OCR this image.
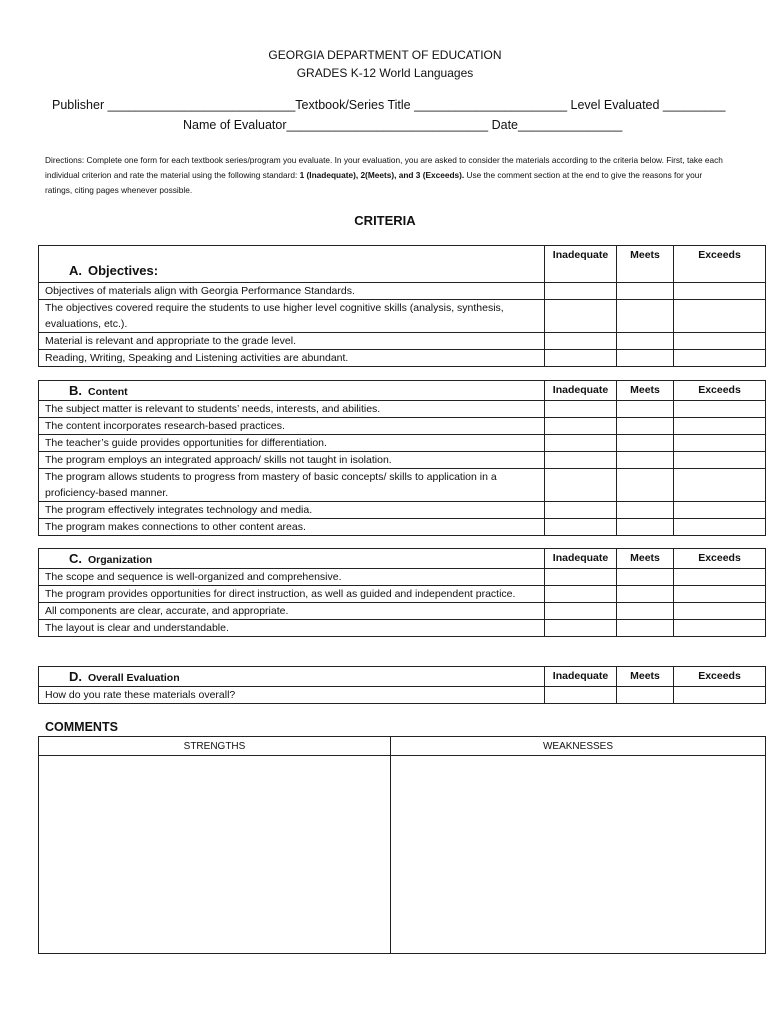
GEORGIA DEPARTMENT OF EDUCATION
GRADES K-12 World Languages
Publisher ___________________________Textbook/Series Title ______________________ Level Evaluated _________
Name of Evaluator_____________________________ Date_______________
Directions: Complete one form for each textbook series/program you evaluate. In your evaluation, you are asked to consider the materials according to the criteria below. First, take each individual criterion and rate the material using the following standard: 1 (Inadequate), 2(Meets), and 3 (Exceeds). Use the comment section at the end to give the reasons for your ratings, citing pages whenever possible.
CRITERIA
A. Objectives:	Inadequate	Meets	Exceeds
Objectives of materials align with Georgia Performance Standards.			
The objectives covered require the students to use higher level cognitive skills (analysis, synthesis, evaluations, etc.).			
Material is relevant and appropriate to the grade level.			
Reading, Writing, Speaking and Listening activities are abundant.			
B. Content	Inadequate	Meets	Exceeds
The subject matter is relevant to students’ needs, interests, and abilities.			
The content incorporates research-based practices.			
The teacher’s guide provides opportunities for differentiation.			
The program employs an integrated approach/ skills not taught in isolation.			
The program allows students to progress from mastery of basic concepts/ skills to application in a proficiency-based manner.			
The program effectively integrates technology and media.			
The program makes connections to other content areas.			
C. Organization	Inadequate	Meets	Exceeds
The scope and sequence is well-organized and comprehensive.			
The program provides opportunities for direct instruction, as well as guided and independent practice.			
All components are clear, accurate, and appropriate.			
The layout is clear and understandable.			
D. Overall Evaluation	Inadequate	Meets	Exceeds
How do you rate these materials overall?			
COMMENTS
STRENGTHS	WEAKNESSES
